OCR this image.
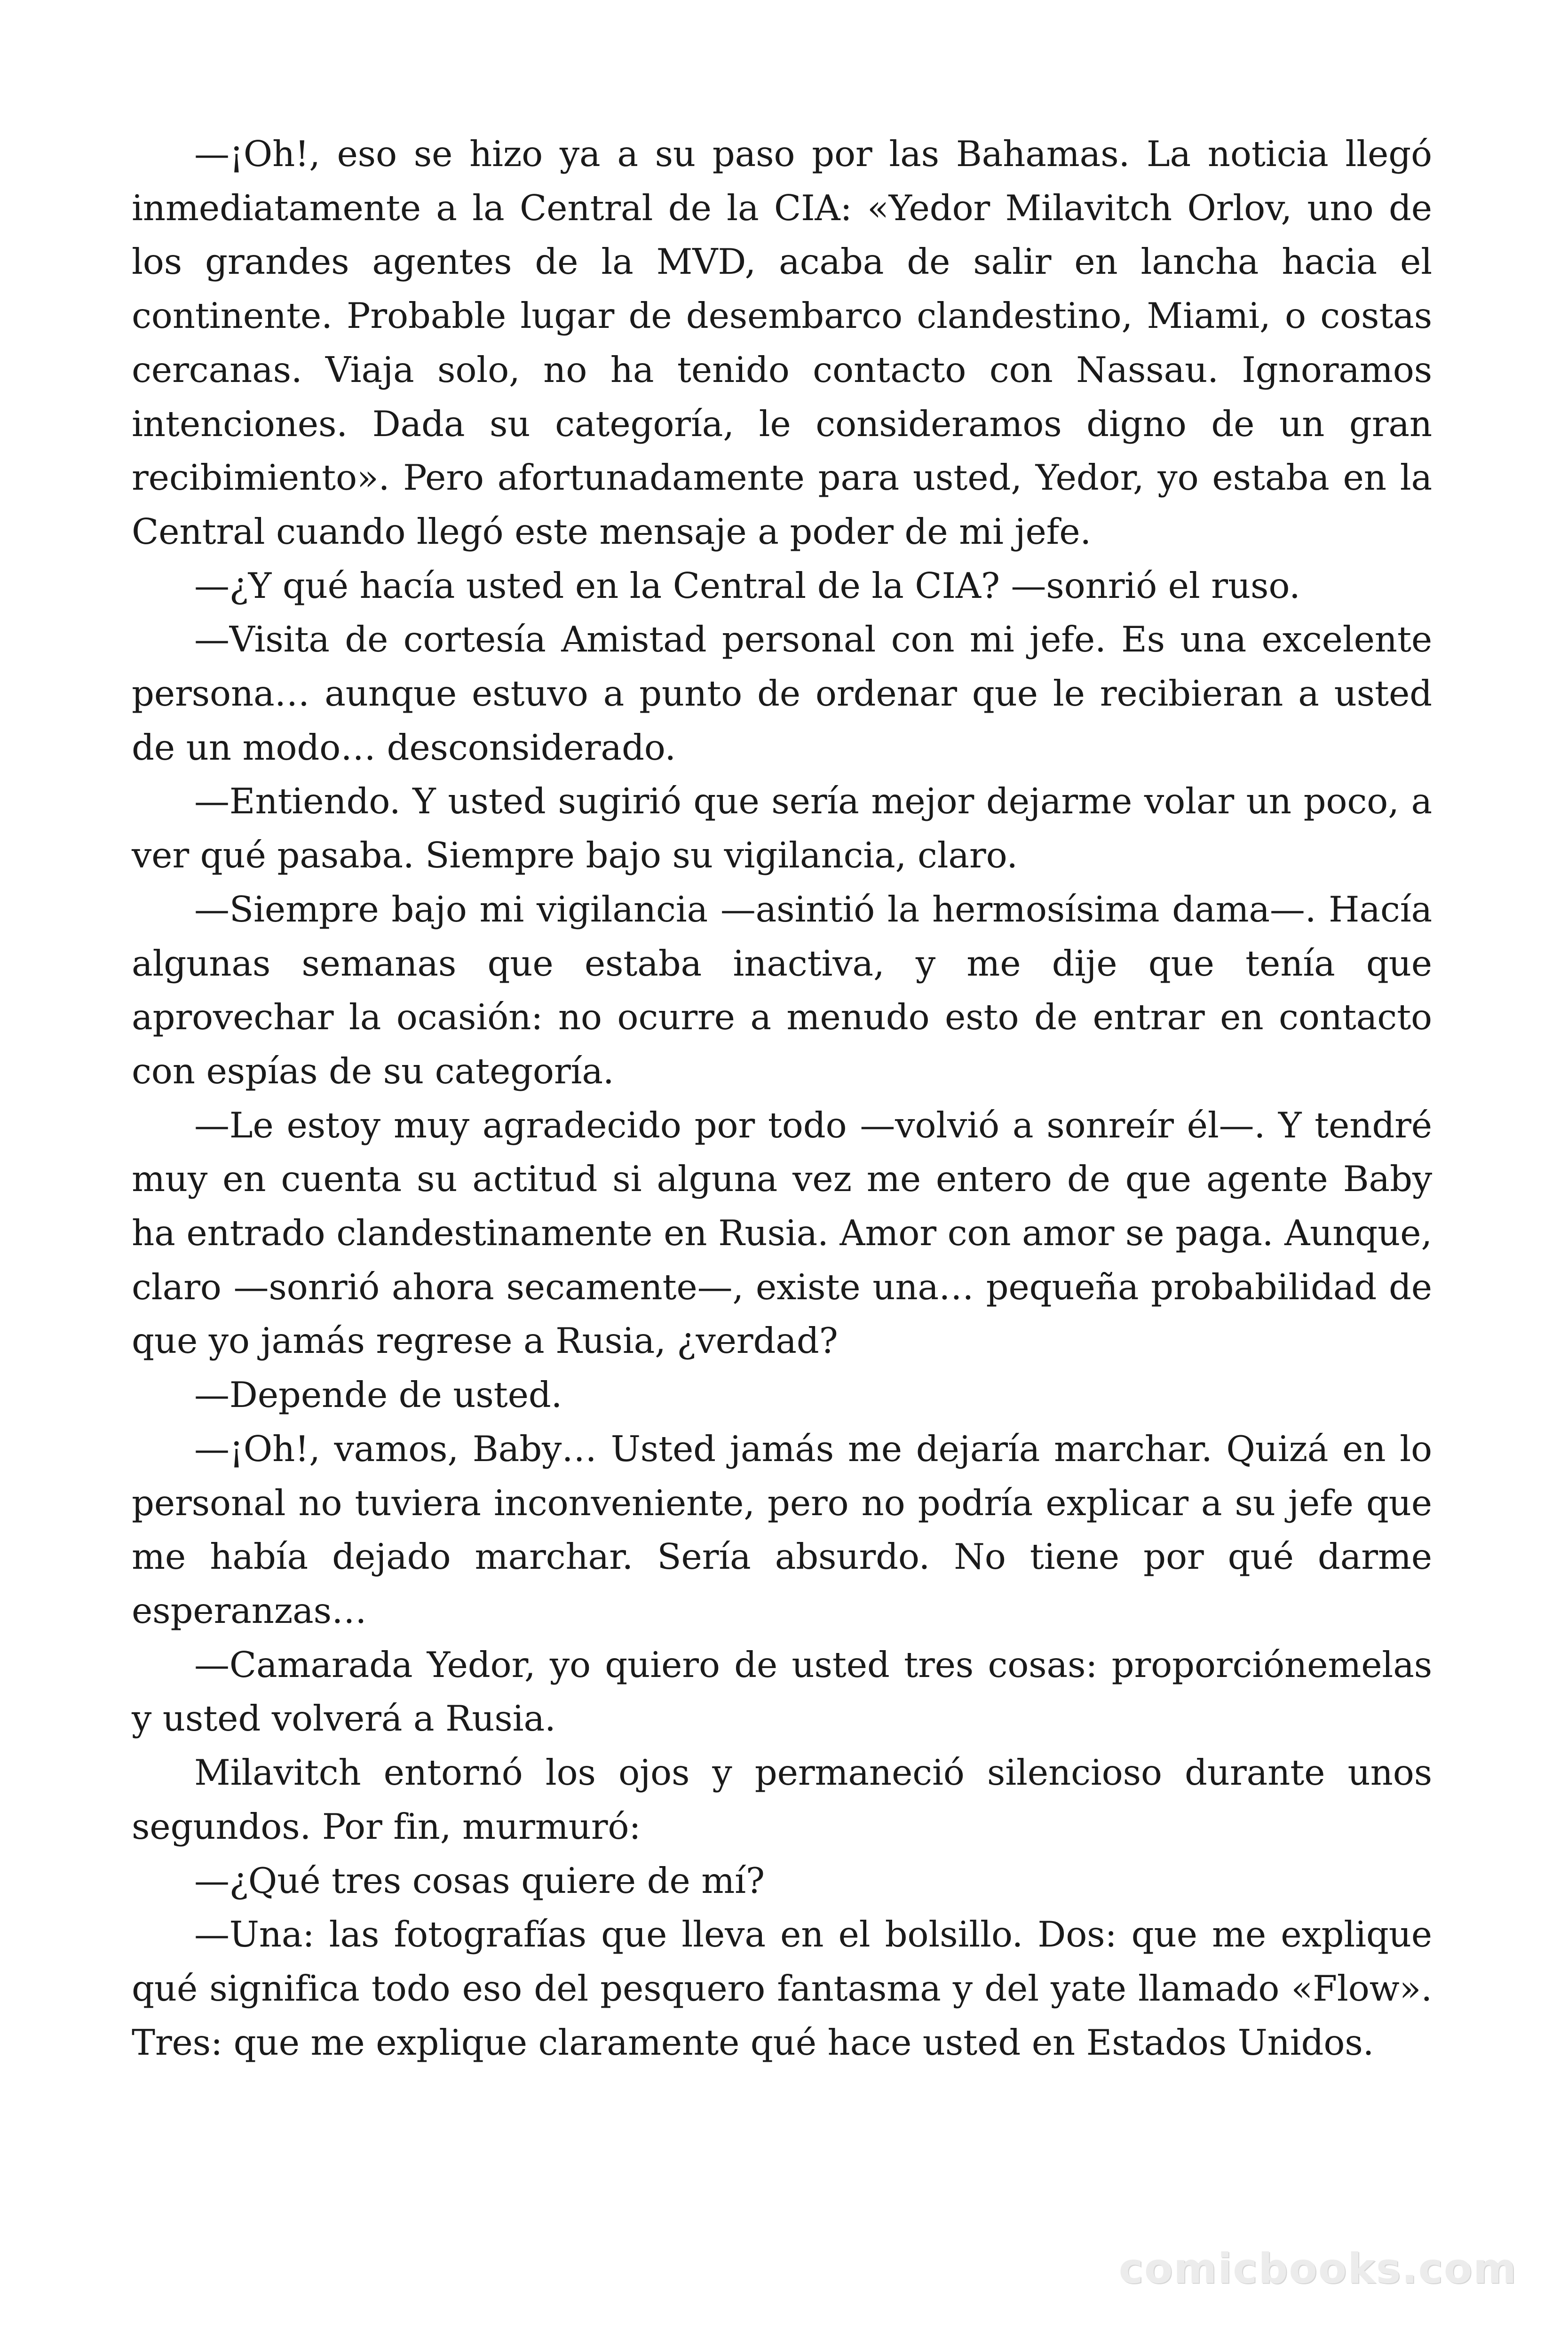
—¡Oh!, eso se hizo ya a su paso por las Bahamas. La noticia llegó inmediatamente a la Central de la CIA: «Yedor Milavitch Orlov, uno de los grandes agentes de la MVD, acaba de salir en lancha hacia el continente. Probable lugar de desembarco clandestino, Miami, o costas cercanas. Viaja solo, no ha tenido contacto con Nassau. Ignoramos intenciones. Dada su categoría, le consideramos digno de un gran recibimiento». Pero afortunadamente para usted, Yedor, yo estaba en la Central cuando llegó este mensaje a poder de mi jefe.

—¿Y qué hacía usted en la Central de la CIA? —sonrió el ruso.

—Visita de cortesía Amistad personal con mi jefe. Es una excelente persona… aunque estuvo a punto de ordenar que le recibieran a usted de un modo… desconsiderado.

—Entiendo. Y usted sugirió que sería mejor dejarme volar un poco, a ver qué pasaba. Siempre bajo su vigilancia, claro.

—Siempre bajo mi vigilancia —asintió la hermosísima dama—. Hacía algunas semanas que estaba inactiva, y me dije que tenía que aprovechar la ocasión: no ocurre a menudo esto de entrar en contacto con espías de su categoría.

—Le estoy muy agradecido por todo —volvió a sonreír él—. Y tendré muy en cuenta su actitud si alguna vez me entero de que agente Baby ha entrado clandestinamente en Rusia. Amor con amor se paga. Aunque, claro —sonrió ahora secamente—, existe una… pequeña probabilidad de que yo jamás regrese a Rusia, ¿verdad?

—Depende de usted.

—¡Oh!, vamos, Baby… Usted jamás me dejaría marchar. Quizá en lo personal no tuviera inconveniente, pero no podría explicar a su jefe que me había dejado marchar. Sería absurdo. No tiene por qué darme esperanzas…

—Camarada Yedor, yo quiero de usted tres cosas: proporciónemelas y usted volverá a Rusia.

Milavitch entornó los ojos y permaneció silencioso durante unos segundos. Por fin, murmuró:

—¿Qué tres cosas quiere de mí?

—Una: las fotografías que lleva en el bolsillo. Dos: que me explique qué significa todo eso del pesquero fantasma y del yate llamado «Flow». Tres: que me explique claramente qué hace usted en Estados Unidos.

comicbooks.com
